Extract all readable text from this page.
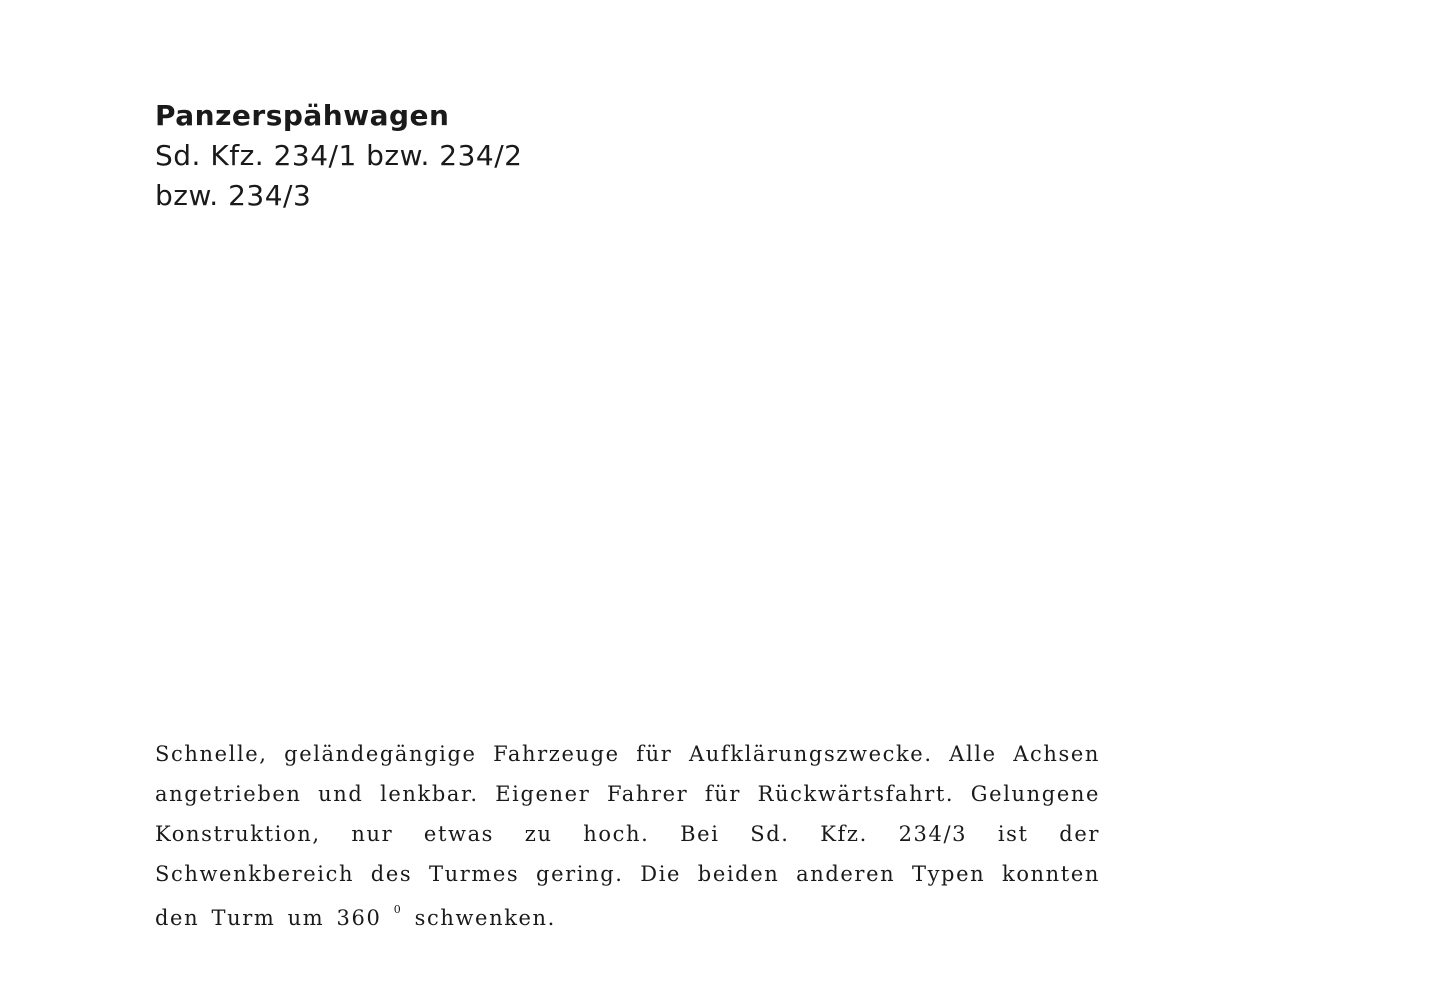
Panzerspähwagen

Sd. Kfz. 234/1 bzw. 234/2

bzw. 234/3

Schnelle, geländegängige Fahrzeuge für Aufklärungszwecke. Alle Achsen angetrieben und lenkbar. Eigener Fahrer für Rückwärtsfahrt. Gelungene Konstruktion, nur etwas zu hoch. Bei Sd. Kfz. 234/3 ist der Schwenkbereich des Turmes gering. Die beiden anderen Typen konnten den Turm um 360 $^0$ schwenken.
